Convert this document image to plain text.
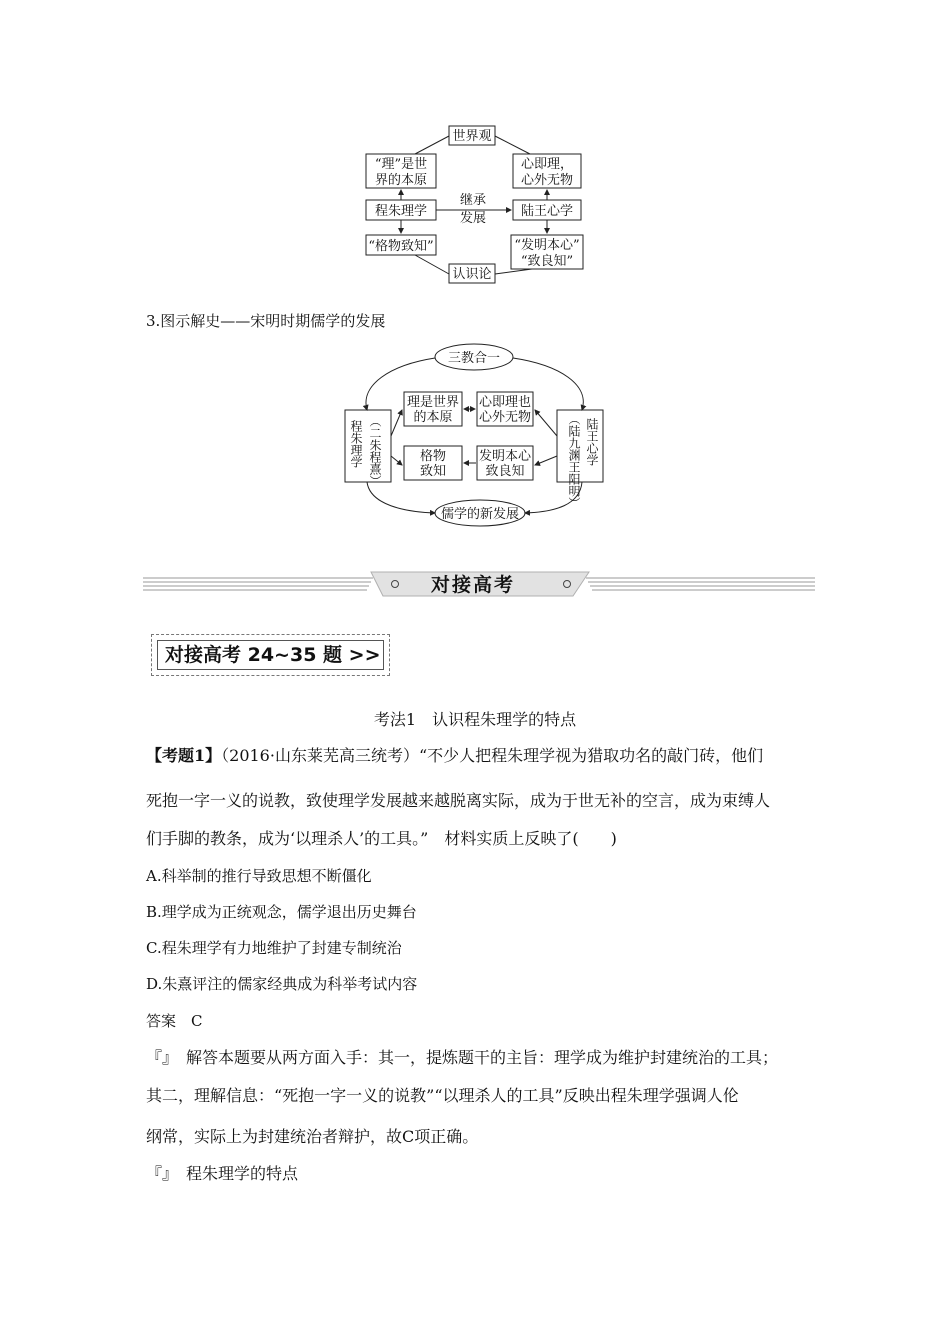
世界观
“理”是世
界的本原
心即理，
心外无物
程朱理学
继承
发展	陆王心学
“格物致知”	“发明本心”
“致良知”
认识论
3.图示解史——宋明时期儒学的发展
三教合一
儒学的新发展
理是世界
的本原
心即理也
心外无物
格物
致知
发明本心
致良知
程朱理学 ︵二朱程熹︶	陆王心学
︵陆九渊王阳明︶
对接高考
对接高考 24~35 题 >>
考法1　认识程朱理学的特点
【考题1】（2016·山东莱芜高三统考）“不少人把程朱理学视为猎取功名的敲门砖，他们
死抱一字一义的说教，致使理学发展越来越脱离实际，成为于世无补的空言，成为束缚人
们手脚的教条，成为‘以理杀人’的工具。”　材料实质上反映了(　　)
A.科举制的推行导致思想不断僵化
B.理学成为正统观念，儒学退出历史舞台
C.程朱理学有力地维护了封建专制统治
D.朱熹评注的儒家经典成为科举考试内容
答案　C
『』　解答本题要从两方面入手：其一，提炼题干的主旨：理学成为维护封建统治的工具；
其二，理解信息：“死抱一字一义的说教”“以理杀人的工具”反映出程朱理学强调人伦
纲常，实际上为封建统治者辩护，故C项正确。
『』　程朱理学的特点
